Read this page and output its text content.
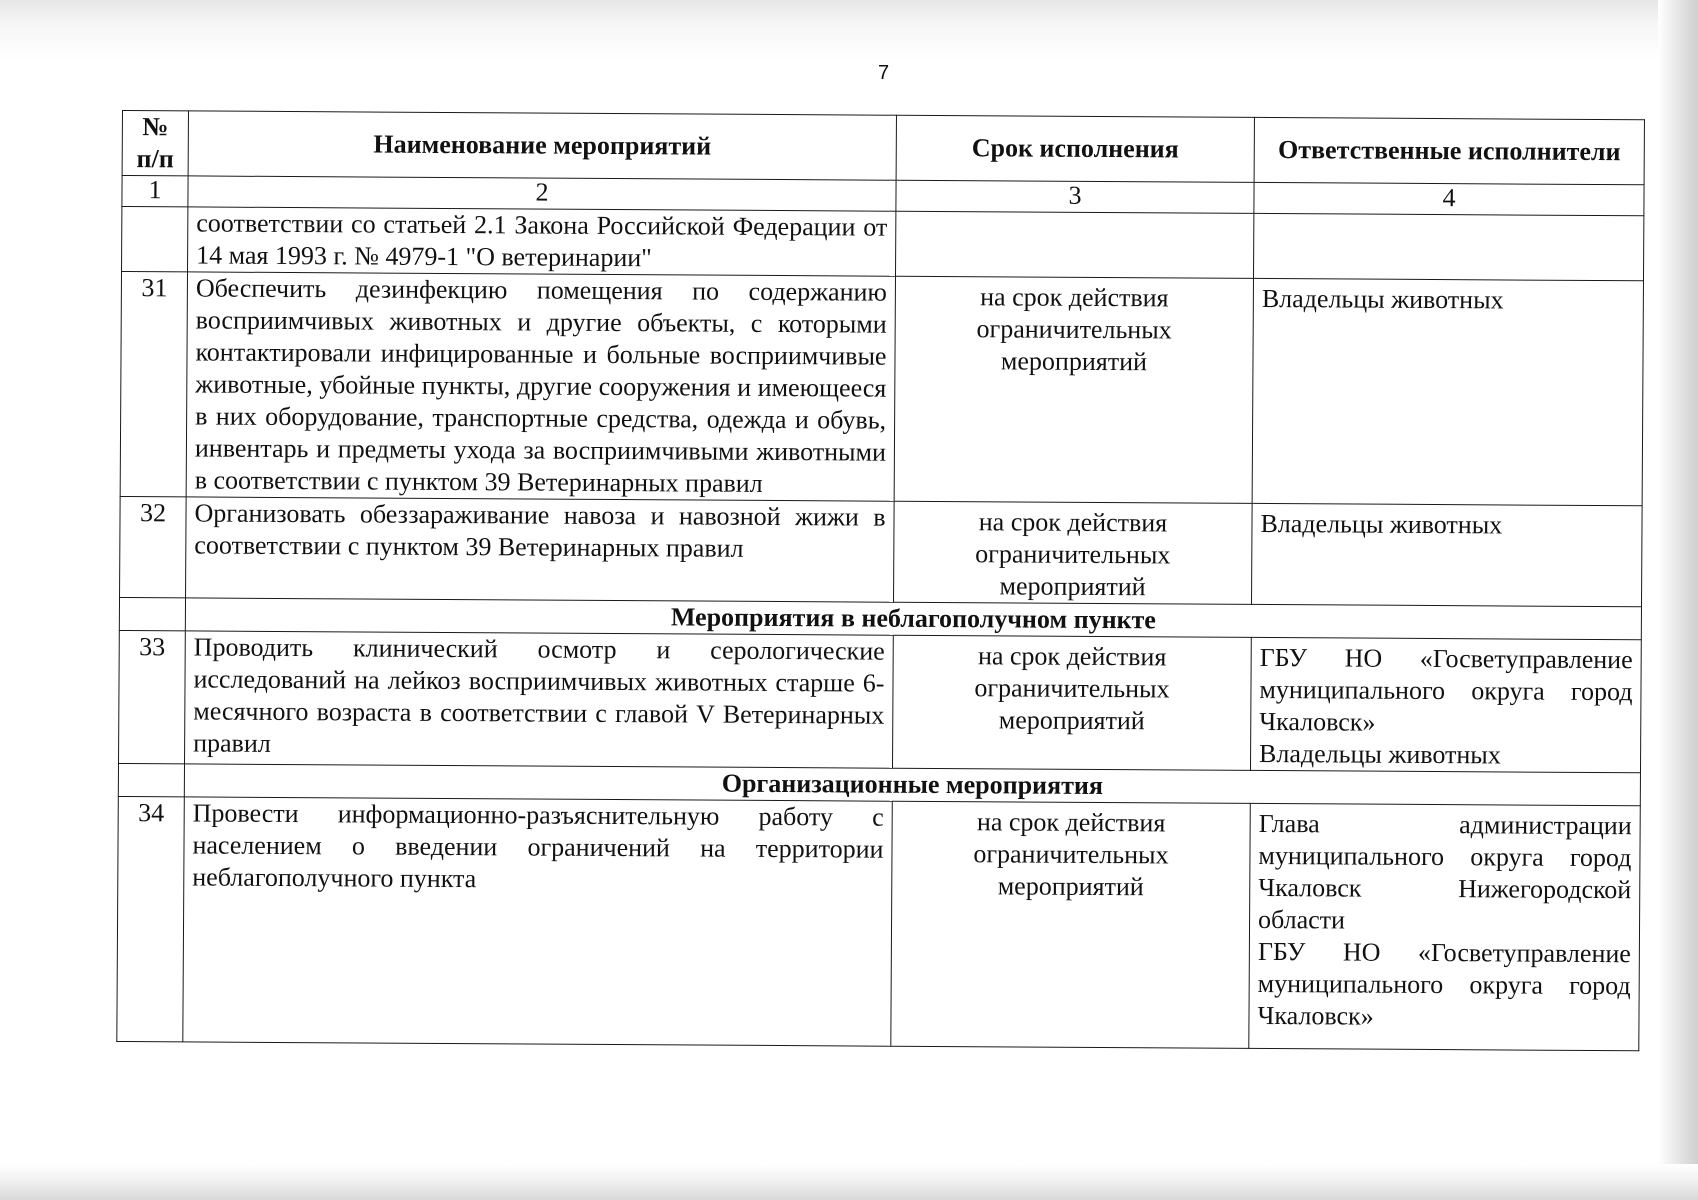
7
№ п/п	Наименование мероприятий	Срок исполнения	Ответственные исполнители
1	2	3	4
	соответствии со статьей 2.1 Закона Российской Федерации от 14 мая 1993 г. № 4979-1 "О ветеринарии"		
31	Обеспечить дезинфекцию помещения по содержанию восприимчивых животных и другие объекты, с которыми контактировали инфицированные и больные восприимчивые животные, убойные пункты, другие сооружения и имеющееся в них оборудование, транспортные средства, одежда и обувь, инвентарь и предметы ухода за восприимчивыми животными в соответствии с пунктом 39 Ветеринарных правил	на срок действия ограничительных мероприятий	Владельцы животных
32	Организовать обеззараживание навоза и навозной жижи в соответствии с пунктом 39 Ветеринарных правил	на срок действия ограничительных мероприятий	Владельцы животных
	Мероприятия в неблагополучном пункте		
33	Проводить клинический осмотр и серологические исследований на лейкоз восприимчивых животных старше 6-месячного возраста в соответствии с главой V Ветеринарных правил	на срок действия ограничительных мероприятий	ГБУ НО «Госветуправление муниципального округа город Чкаловск»
Владельцы животных

	Организационные мероприятия		
34	Провести информационно-разъяснительную работу с населением о введении ограничений на территории неблагополучного пункта	на срок действия ограничительных мероприятий	Глава администрации муниципального округа город Чкаловск Нижегородской области
ГБУ НО «Госветуправление муниципального округа город Чкаловск»
